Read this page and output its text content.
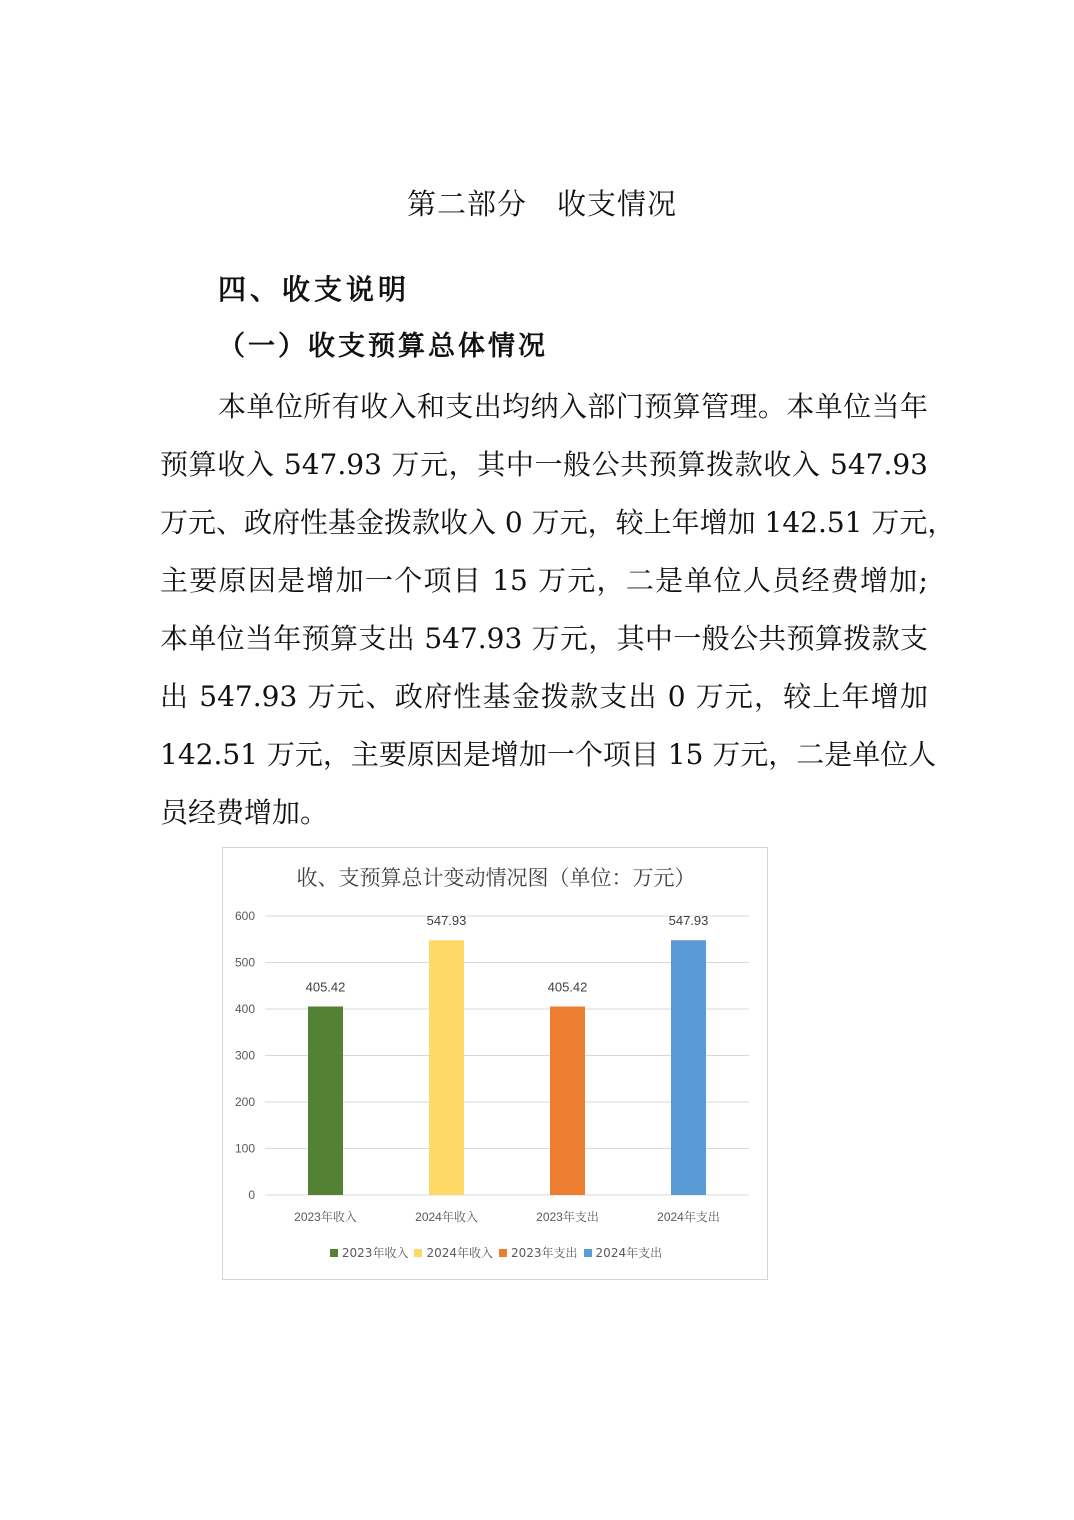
第二部分　收支情况
四、收支说明
（一）收支预算总体情况
本单位所有收入和支出均纳入部门预算管理。本单位当年
预算收入 547.93 万元，其中一般公共预算拨款收入 547.93
万元、政府性基金拨款收入 0 万元，较上年增加 142.51 万元，
主要原因是增加一个项目 15 万元，二是单位人员经费增加;
本单位当年预算支出 547.93 万元，其中一般公共预算拨款支
出 547.93 万元、政府性基金拨款支出 0 万元，较上年增加
142.51 万元，主要原因是增加一个项目 15 万元，二是单位人
员经费增加。
收、支预算总计变动情况图（单位：万元）
0
100
200
300
400
500
600
405.42
2023年收入
547.93
2024年收入
405.42
2023年支出
547.93
2024年支出
2023年收入 2024年收入 2023年支出 2024年支出
